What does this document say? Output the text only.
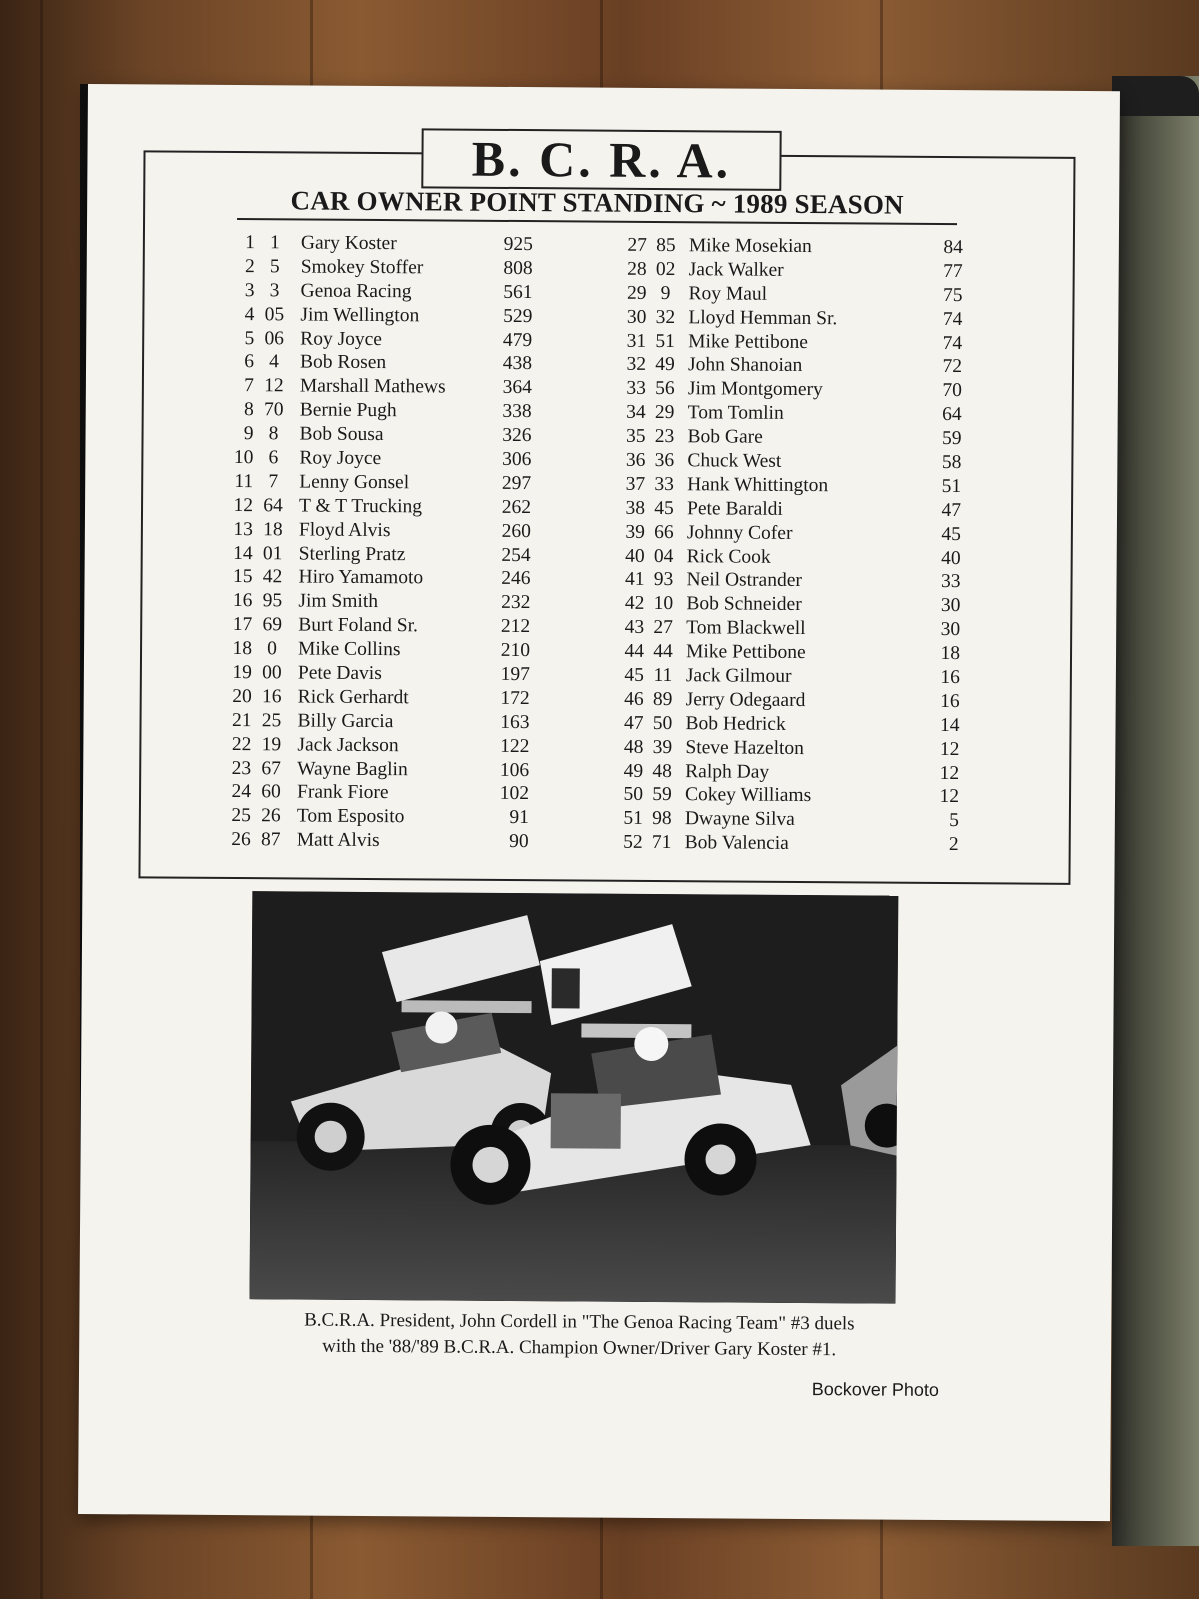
B. C. R. A.
CAR OWNER POINT STANDING ~ 1989 SEASON
1 1	Gary Koster	925
2 5	Smokey Stoffer	808
3 3	Genoa Racing	561
4 05 Jim Wellington	529
5 06 Roy Joyce	479
6 4	Bob Rosen	438
7 12 Marshall Mathews	364
8 70 Bernie Pugh	338
9 8	Bob Sousa	326
10 6	Roy Joyce	306
11 7	Lenny Gonsel	297
12 64 T & T Trucking	262
13 18 Floyd Alvis	260
14 01 Sterling Pratz	254
15 42 Hiro Yamamoto	246
16 95 Jim Smith	232
17 69 Burt Foland Sr.	212
18 0	Mike Collins	210
19 00 Pete Davis	197
20 16 Rick Gerhardt	172
21 25 Billy Garcia	163
22 19 Jack Jackson	122
23 67 Wayne Baglin	106
24 60 Frank Fiore	102
25 26 Tom Esposito	91
26 87 Matt Alvis	90
27 85 Mike Mosekian	84
28 02 Jack Walker	77
29 9 Roy Maul	75
30 32 Lloyd Hemman Sr.	74
31 51 Mike Pettibone	74
32 49 John Shanoian	72
33 56 Jim Montgomery	70
34 29 Tom Tomlin	64
35 23 Bob Gare	59
36 36 Chuck West	58
37 33 Hank Whittington	51
38 45 Pete Baraldi	47
39 66 Johnny Cofer	45
40 04 Rick Cook	40
41 93 Neil Ostrander	33
42 10 Bob Schneider	30
43 27 Tom Blackwell	30
44 44 Mike Pettibone	18
45 11 Jack Gilmour	16
46 89 Jerry Odegaard	16
47 50 Bob Hedrick	14
48 39 Steve Hazelton	12
49 48 Ralph Day	12
50 59 Cokey Williams	12
51 98 Dwayne Silva	5
52 71 Bob Valencia	2
B.C.R.A. President, John Cordell in "The Genoa Racing Team" #3 duels
with the '88/'89 B.C.R.A. Champion Owner/Driver Gary Koster #1.
Bockover Photo
